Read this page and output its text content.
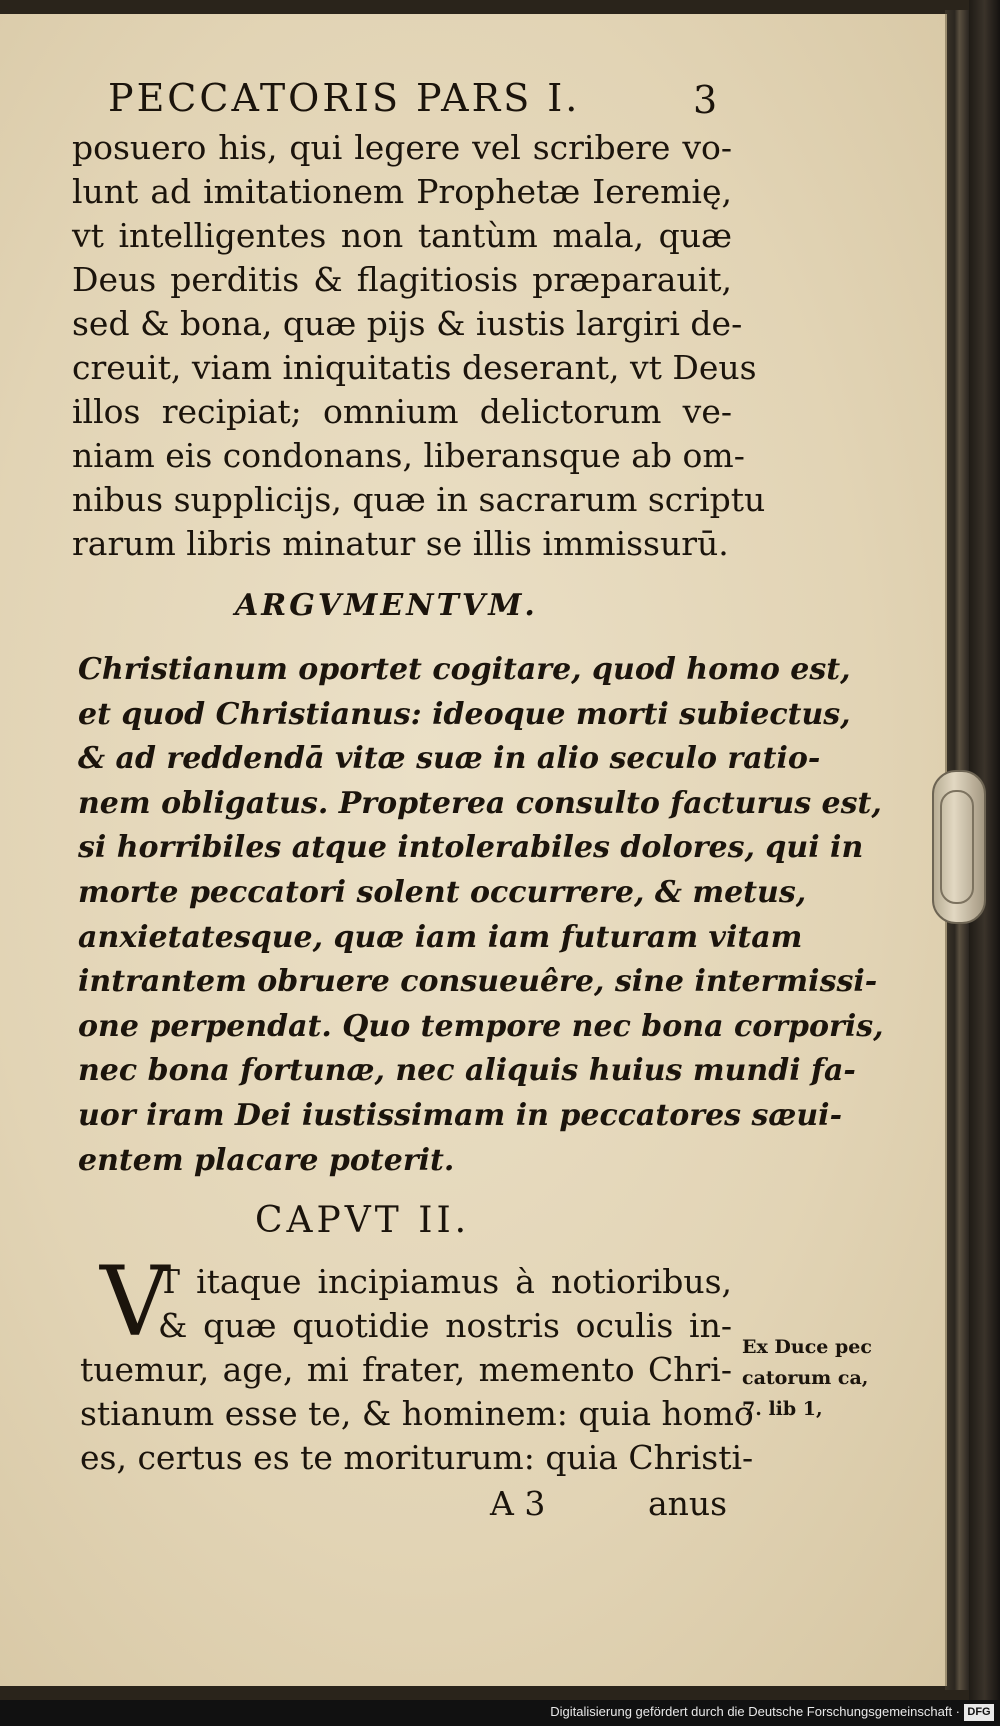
PECCATORIS PARS I.	3
posuero his, qui legere vel scribere vo-
lunt ad imitationem Prophetæ Ieremię,
vt intelligentes non tantùm mala, quæ
Deus perditis & flagitiosis præparauit,
sed & bona, quæ pijs & iustis largiri de-
creuit, viam iniquitatis deserant, vt Deus
illos recipiat; omnium delictorum ve-
niam eis condonans, liberansque ab om-
nibus supplicijs, quæ in sacrarum scriptu
rarum libris minatur se illis immissurū.
ARGVMENTVM.
Christianum oportet cogitare, quod homo est,
et quod Christianus: ideoque morti subiectus,
& ad reddendā vitæ suæ in alio seculo ratio-
nem obligatus. Propterea consulto facturus est,
si horribiles atque intolerabiles dolores, qui in
morte peccatori solent occurrere, & metus,
anxietatesque, quæ iam iam futuram vitam
intrantem obruere consueuêre, sine intermissi-
one perpendat. Quo tempore nec bona corporis,
nec bona fortunæ, nec aliquis huius mundi fa-
uor iram Dei iustissimam in peccatores sæui-
entem placare poterit.
CAPVT II.
V
T itaque incipiamus à notioribus,
& quæ quotidie nostris oculis in-
tuemur, age, mi frater, memento Chri-
stianum esse te, & hominem: quia homo
es, certus es te moriturum: quia Christi-
A 3	anus
Ex Duce pec
catorum ca,
7. lib 1,
Digitalisierung gefördert durch die Deutsche Forschungsgemeinschaft · DFG
